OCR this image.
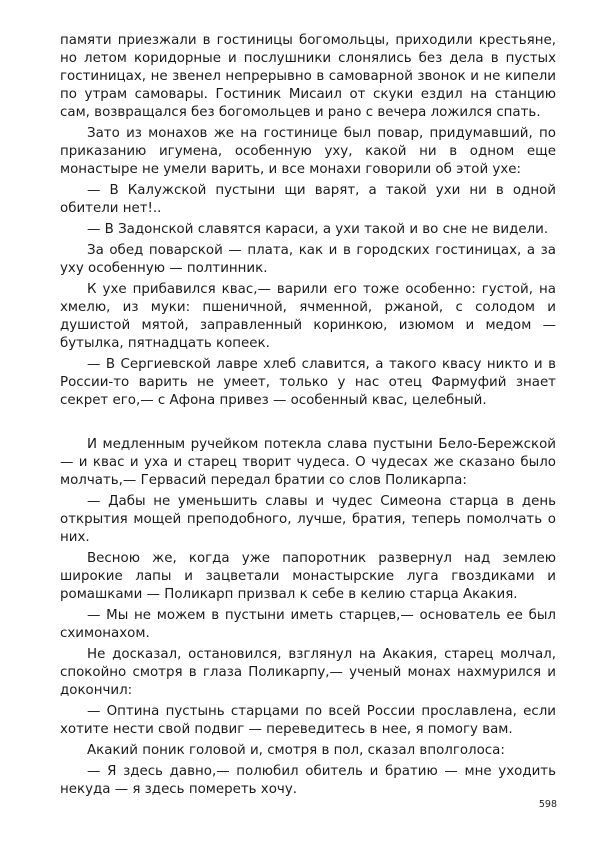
памяти приезжали в гостиницы богомольцы, приходили крестьяне, но летом коридорные и послушники слонялись без дела в пустых гостиницах, не звенел непрерывно в самоварной звонок и не кипели по утрам самовары. Гостиник Мисаил от скуки ездил на станцию сам, возвращался без богомольцев и рано с вечера ложился спать.

Зато из монахов же на гостинице был повар, придумавший, по приказанию игумена, особенную уху, какой ни в одном еще монастыре не умели варить, и все монахи говорили об этой ухе:

— В Калужской пустыни щи варят, а такой ухи ни в одной обители нет!..

— В Задонской славятся караси, а ухи такой и во сне не видели.

За обед поварской — плата, как и в городских гостиницах, а за уху особенную — полтинник.

К ухе прибавился квас,— варили его тоже особенно: густой, на хмелю, из муки: пшеничной, ячменной, ржаной, с солодом и душистой мятой, заправленный коринкою, изюмом и медом — бутылка, пятнадцать копеек.

— В Сергиевской лавре хлеб славится, а такого квасу никто и в России-то варить не умеет, только у нас отец Фармуфий знает секрет его,— с Афона привез — особенный квас, целебный.

И медленным ручейком потекла слава пустыни Бело-Бережской — и квас и уха и старец творит чудеса. О чудесах же сказано было молчать,— Гервасий передал братии со слов Поликарпа:

— Дабы не уменьшить славы и чудес Симеона старца в день открытия мощей преподобного, лучше, братия, теперь помолчать о них.

Весною же, когда уже папоротник развернул над землею широкие лапы и зацветали монастырские луга гвоздиками и ромашками — Поликарп призвал к себе в келию старца Акакия.

— Мы не можем в пустыни иметь старцев,— основатель ее был схимонахом.

Не досказал, остановился, взглянул на Акакия, старец молчал, спокойно смотря в глаза Поликарпу,— ученый монах нахмурился и докончил:

— Оптина пустынь старцами по всей России прославлена, если хотите нести свой подвиг — переведитесь в нее, я помогу вам.

Акакий поник головой и, смотря в пол, сказал вполголоса:

— Я здесь давно,— полюбил обитель и братию — мне уходить некуда — я здесь помереть хочу.

598
